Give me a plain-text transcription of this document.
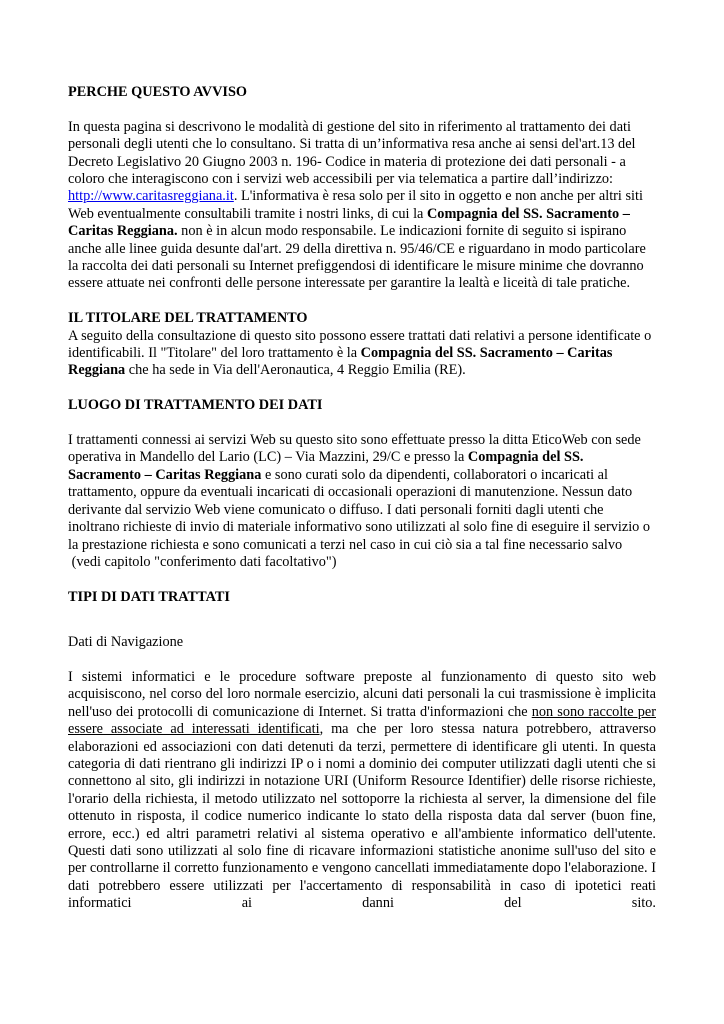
PERCHE QUESTO AVVISO

In questa pagina si descrivono le modalità di gestione del sito in riferimento al trattamento dei dati personali degli utenti che lo consultano. Si tratta di un’informativa resa anche ai sensi del'art.13 del Decreto Legislativo 20 Giugno 2003 n. 196- Codice in materia di protezione dei dati personali - a coloro che interagiscono con i servizi web accessibili per via telematica a partire dall’indirizzo: http://www.caritasreggiana.it. L'informativa è resa solo per il sito in oggetto e non anche per altri siti Web eventualmente consultabili tramite i nostri links, di cui la Compagnia del SS. Sacramento – Caritas Reggiana. non è in alcun modo responsabile. Le indicazioni fornite di seguito si ispirano anche alle linee guida desunte dal'art. 29 della direttiva n. 95/46/CE e riguardano in modo particolare la raccolta dei dati personali su Internet prefiggendosi di identificare le misure minime che dovranno essere attuate nei confronti delle persone interessate per garantire la lealtà e liceità di tale pratiche.

IL TITOLARE DEL TRATTAMENTO

A seguito della consultazione di questo sito possono essere trattati dati relativi a persone identificate o identificabili. Il "Titolare" del loro trattamento è la Compagnia del SS. Sacramento – Caritas Reggiana che ha sede in Via dell'Aeronautica, 4 Reggio Emilia (RE).

LUOGO DI TRATTAMENTO DEI DATI

I trattamenti connessi ai servizi Web su questo sito sono effettuate presso la ditta EticoWeb con sede operativa in Mandello del Lario (LC) – Via Mazzini, 29/C e presso la Compagnia del SS. Sacramento – Caritas Reggiana e sono curati solo da dipendenti, collaboratori o incaricati al trattamento, oppure da eventuali incaricati di occasionali operazioni di manutenzione. Nessun dato derivante dal servizio Web viene comunicato o diffuso. I dati personali forniti dagli utenti che inoltrano richieste di invio di materiale informativo sono utilizzati al solo fine di eseguire il servizio o la prestazione richiesta e sono comunicati a terzi nel caso in cui ciò sia a tal fine necessario salvo

(vedi capitolo "conferimento dati facoltativo")

TIPI DI DATI TRATTATI

Dati di Navigazione

I sistemi informatici e le procedure software preposte al funzionamento di questo sito web acquisiscono, nel corso del loro normale esercizio, alcuni dati personali la cui trasmissione è implicita nell'uso dei protocolli di comunicazione di Internet. Si tratta d'informazioni che non sono raccolte per essere associate ad interessati identificati, ma che per loro stessa natura potrebbero, attraverso elaborazioni ed associazioni con dati detenuti da terzi, permettere di identificare gli utenti. In questa categoria di dati rientrano gli indirizzi IP o i nomi a dominio dei computer utilizzati dagli utenti che si connettono al sito, gli indirizzi in notazione URI (Uniform Resource Identifier) delle risorse richieste, l'orario della richiesta, il metodo utilizzato nel sottoporre la richiesta al server, la dimensione del file ottenuto in risposta, il codice numerico indicante lo stato della risposta data dal server (buon fine, errore, ecc.) ed altri parametri relativi al sistema operativo e all'ambiente informatico dell'utente. Questi dati sono utilizzati al solo fine di ricavare informazioni statistiche anonime sull'uso del sito e per controllarne il corretto funzionamento e vengono cancellati immediatamente dopo l'elaborazione. I dati potrebbero essere utilizzati per l'accertamento di responsabilità in caso di ipotetici reati informatici ai danni del sito.
